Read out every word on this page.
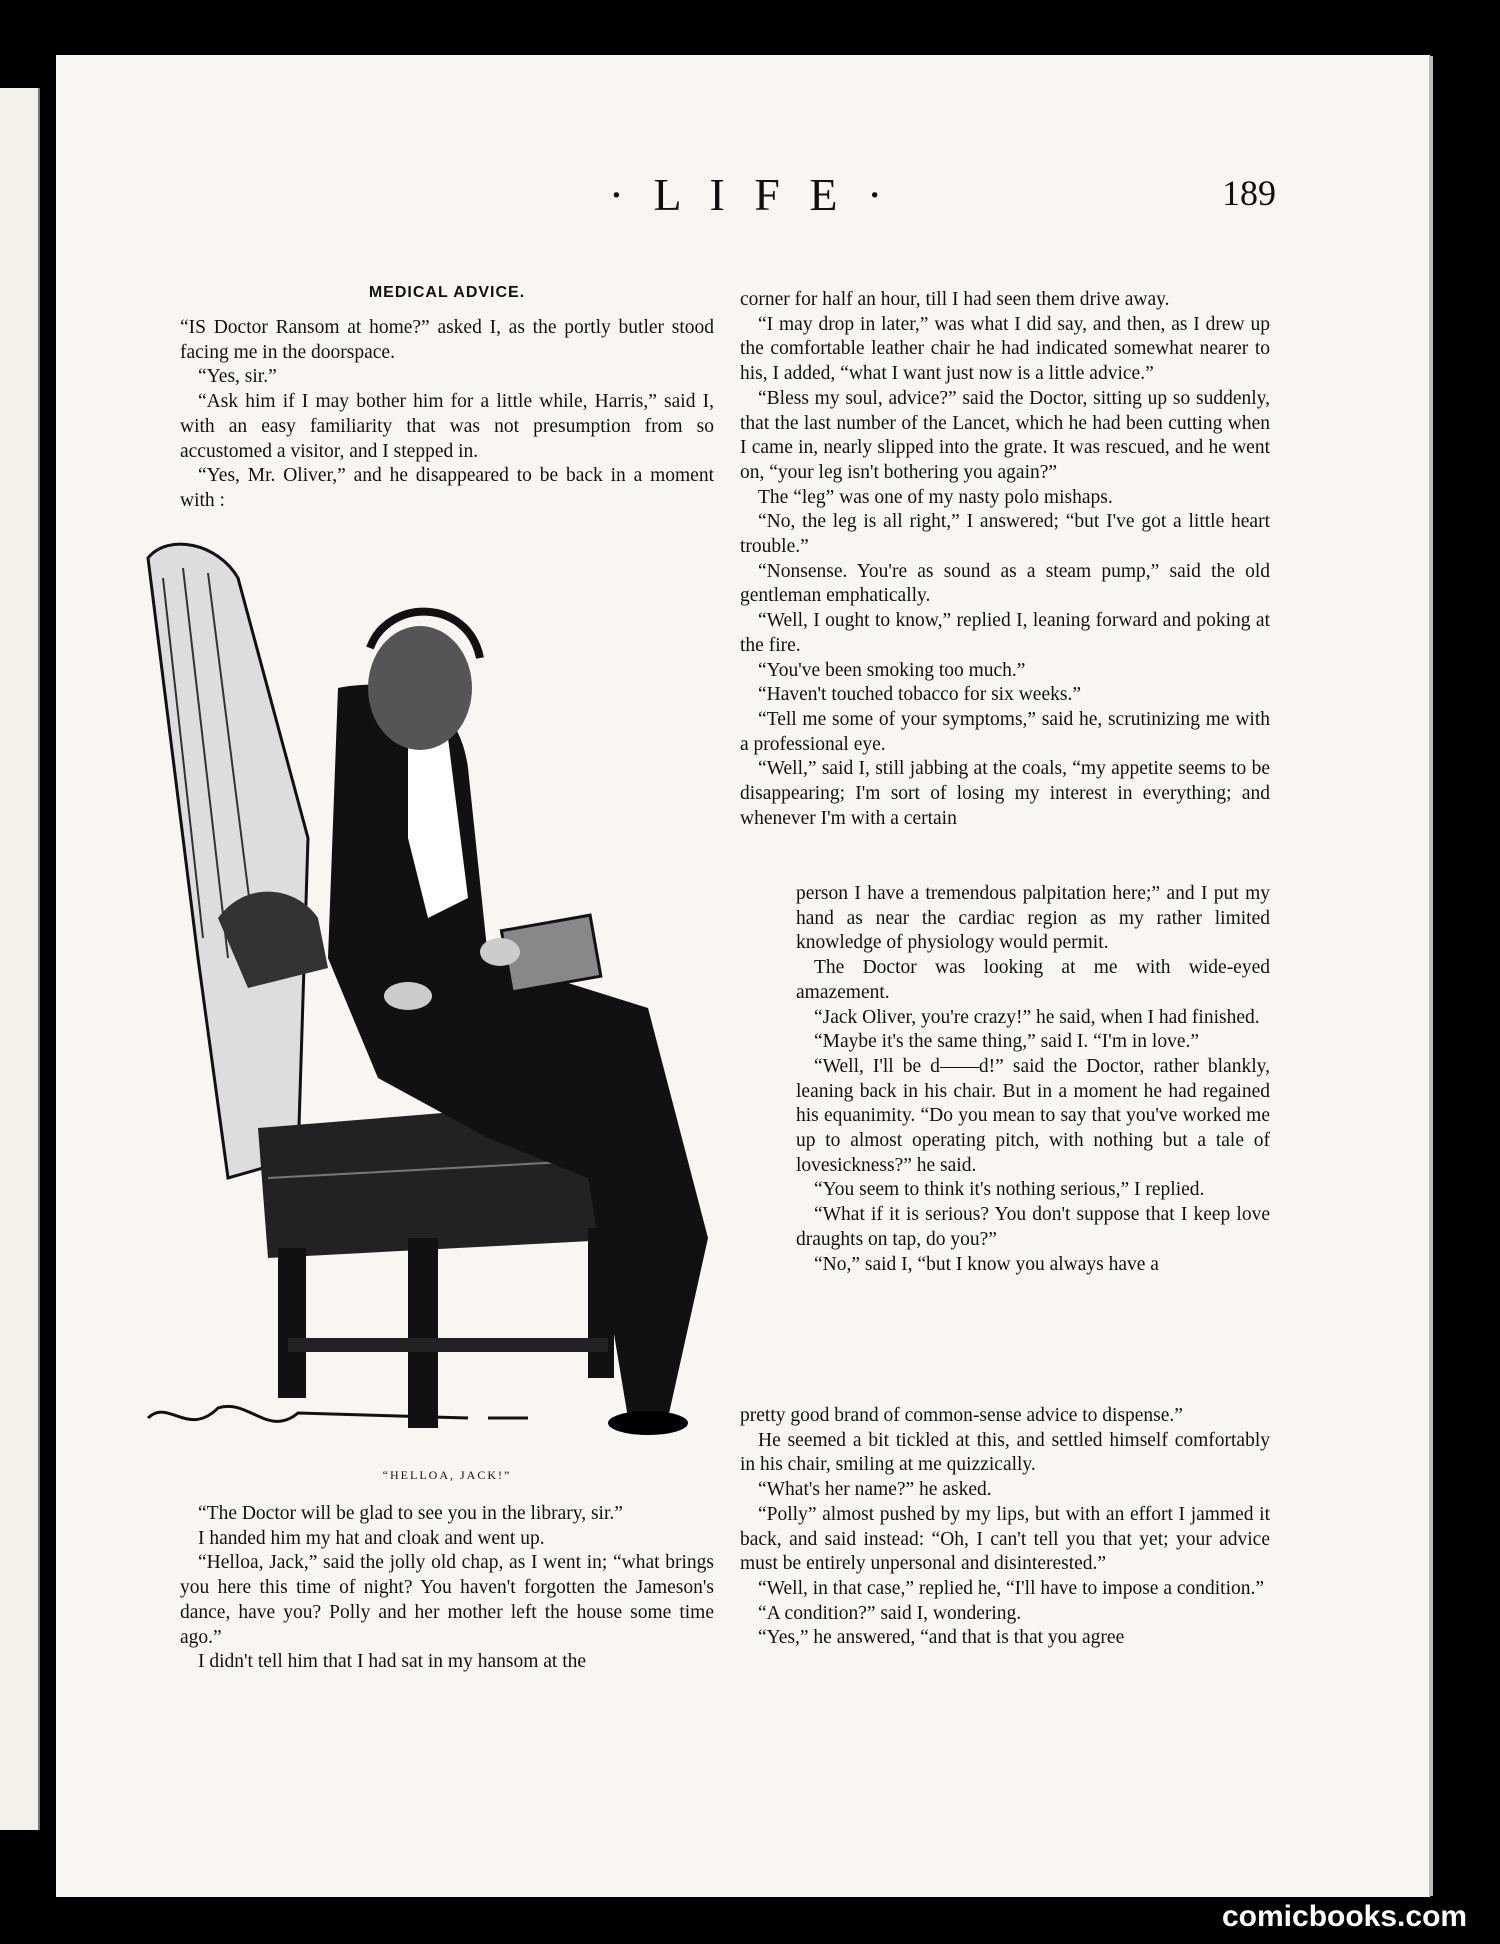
· L I F E ·	189
MEDICAL ADVICE.

“IS Doctor Ransom at home?” asked I, as the portly butler stood facing me in the doorspace.

“Yes, sir.”

“Ask him if I may bother him for a little while, Harris,” said I, with an easy familiarity that was not presumption from so accustomed a visitor, and I stepped in.

“Yes, Mr. Oliver,” and he disappeared to be back in a moment with :

“HELLOA, JACK!”

“The Doctor will be glad to see you in the library, sir.”

I handed him my hat and cloak and went up.

“Helloa, Jack,” said the jolly old chap, as I went in; “what brings you here this time of night? You haven't forgotten the Jameson's dance, have you? Polly and her mother left the house some time ago.”

I didn't tell him that I had sat in my hansom at the

corner for half an hour, till I had seen them drive away.

“I may drop in later,” was what I did say, and then, as I drew up the comfortable leather chair he had indicated somewhat nearer to his, I added, “what I want just now is a little advice.”

“Bless my soul, advice?” said the Doctor, sitting up so suddenly, that the last number of the Lancet, which he had been cutting when I came in, nearly slipped into the grate. It was rescued, and he went on, “your leg isn't bothering you again?”

The “leg” was one of my nasty polo mishaps.

“No, the leg is all right,” I answered; “but I've got a little heart trouble.”

“Nonsense. You're as sound as a steam pump,” said the old gentleman emphatically.

“Well, I ought to know,” replied I, leaning forward and poking at the fire.

“You've been smoking too much.”

“Haven't touched tobacco for six weeks.”

“Tell me some of your symptoms,” said he, scrutinizing me with a professional eye.

“Well,” said I, still jabbing at the coals, “my appetite seems to be disappearing; I'm sort of losing my interest in everything; and whenever I'm with a certain

person I have a tremendous palpitation here;” and I put my hand as near the cardiac region as my rather limited knowledge of physiology would permit.

The Doctor was looking at me with wide-eyed amazement.

“Jack Oliver, you're crazy!” he said, when I had finished.

“Maybe it's the same thing,” said I. “I'm in love.”

“Well, I'll be d——d!” said the Doctor, rather blankly, leaning back in his chair. But in a moment he had regained his equanimity. “Do you mean to say that you've worked me up to almost operating pitch, with nothing but a tale of lovesickness?” he said.

“You seem to think it's nothing serious,” I replied.

“What if it is serious? You don't suppose that I keep love draughts on tap, do you?”

“No,” said I, “but I know you always have a

pretty good brand of common-sense advice to dispense.”

He seemed a bit tickled at this, and settled himself comfortably in his chair, smiling at me quizzically.

“What's her name?” he asked.

“Polly” almost pushed by my lips, but with an effort I jammed it back, and said instead: “Oh, I can't tell you that yet; your advice must be entirely unpersonal and disinterested.”

“Well, in that case,” replied he, “I'll have to impose a condition.”

“A condition?” said I, wondering.

“Yes,” he answered, “and that is that you agree

comicbooks.com
